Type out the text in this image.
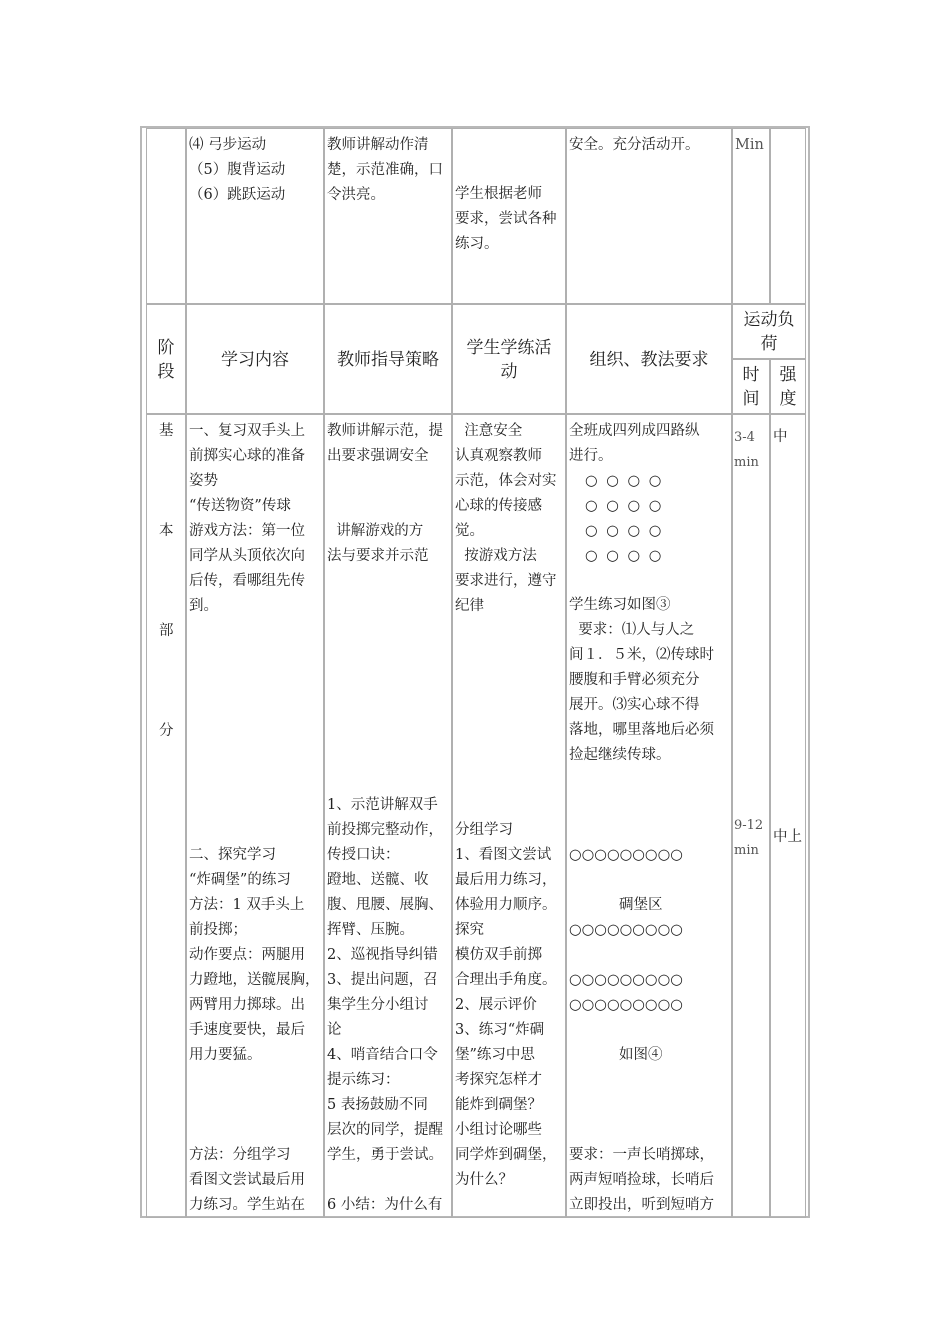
⑷ 弓步运动
（5）腹背运动
（6）跳跃运动
教师讲解动作清
楚，示范准确，口
令洪亮。	学生根据老师
要求，尝试各种
练习。
安全。充分活动开。 Min
阶
段
学习内容	教师指导策略
学生学练活
动
组织、教法要求
运动负
荷
时
间
强
度
基
本
部
分
一、复习双手头上
前掷实心球的准备
姿势
“传送物资”传球
游戏方法：第一位
同学从头顶依次向
后传，看哪组先传
到。
二、探究学习
“炸碉堡”的练习
方法：1 双手头上
前投掷；
动作要点：两腿用
力蹬地，送髋展胸，
两臂用力掷球。出
手速度要快，最后
用力要猛。

方法：分组学习
看图文尝试最后用
力练习。学生站在
教师讲解示范，提
出要求强调安全

讲解游戏的方
法与要求并示范
1、示范讲解双手
前投掷完整动作，
传授口诀：
蹬地、送髋、收
腹、甩腰、展胸、
挥臂、压腕。
2、巡视指导纠错
3、提出问题，召
集学生分小组讨
论
4、哨音结合口令
提示练习：
5 表扬鼓励不同
层次的同学，提醒
学生，勇于尝试。

6 小结：为什么有
注意安全
认真观察教师
示范，体会对实
心球的传接感
觉。
按游戏方法
要求进行，遵守
纪律
分组学习
1、看图文尝试
最后用力练习，
体验用力顺序。
探究
模仿双手前掷
合理出手角度。
2、展示评价
3、练习“炸碉
堡”练习中思
考探究怎样才
能炸到碉堡？
小组讨论哪些
同学炸到碉堡，
为什么？
全班成四列成四路纵
进行。
○ ○ ○ ○
○ ○ ○ ○
○ ○ ○ ○
○ ○ ○ ○
学生练习如图③
要求：⑴人与人之
间１．５米，⑵传球时
腰腹和手臂必须充分
展开。⑶实心球不得
落地，哪里落地后必须
捡起继续传球。
○○○○○○○○○
碉堡区
○○○○○○○○○
○○○○○○○○○
○○○○○○○○○
如图④
要求：一声长哨掷球，
两声短哨捡球，长哨后
立即投出，听到短哨方
3-4
min
9-12
min
中
中上
